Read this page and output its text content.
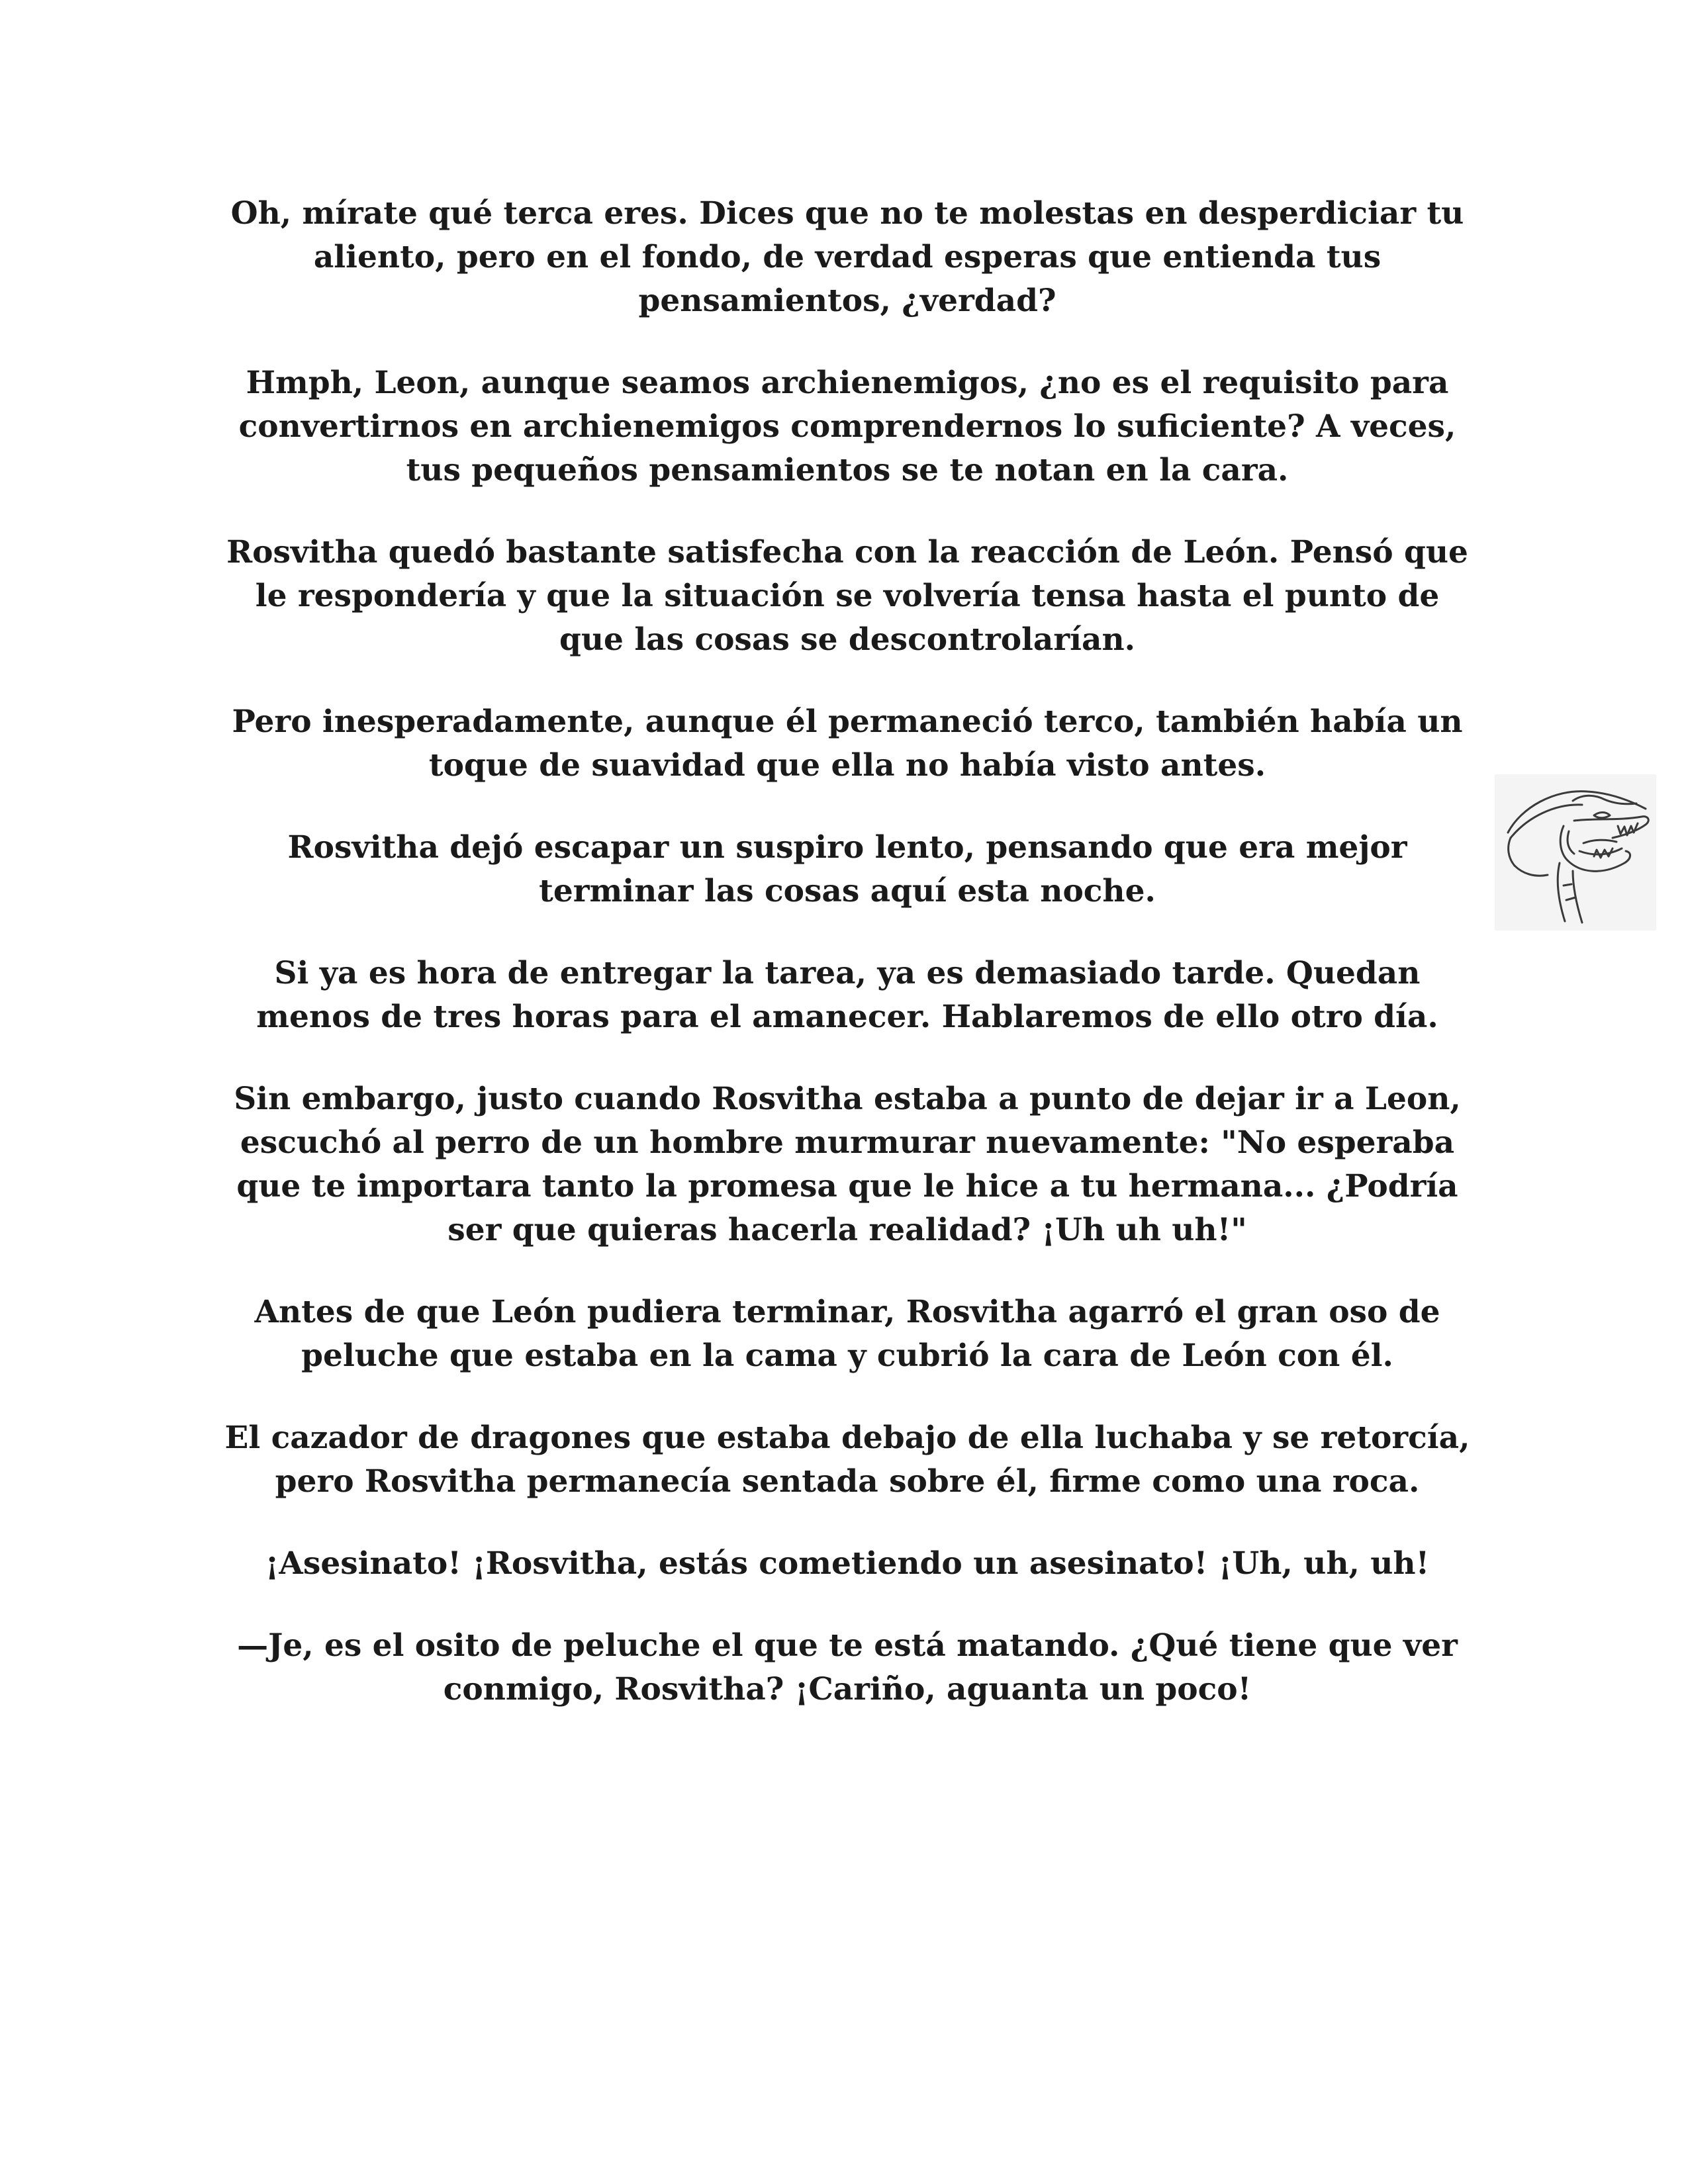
Oh, mírate qué terca eres. Dices que no te molestas en desperdiciar tu aliento, pero en el fondo, de verdad esperas que entienda tus pensamientos, ¿verdad?

Hmph, Leon, aunque seamos archienemigos, ¿no es el requisito para convertirnos en archienemigos comprendernos lo suficiente? A veces, tus pequeños pensamientos se te notan en la cara.

Rosvitha quedó bastante satisfecha con la reacción de León. Pensó que le respondería y que la situación se volvería tensa hasta el punto de que las cosas se descontrolarían.

Pero inesperadamente, aunque él permaneció terco, también había un toque de suavidad que ella no había visto antes.

Rosvitha dejó escapar un suspiro lento, pensando que era mejor terminar las cosas aquí esta noche.

Si ya es hora de entregar la tarea, ya es demasiado tarde. Quedan menos de tres horas para el amanecer. Hablaremos de ello otro día.

Sin embargo, justo cuando Rosvitha estaba a punto de dejar ir a Leon, escuchó al perro de un hombre murmurar nuevamente: "No esperaba que te importara tanto la promesa que le hice a tu hermana... ¿Podría ser que quieras hacerla realidad? ¡Uh uh uh!"

Antes de que León pudiera terminar, Rosvitha agarró el gran oso de peluche que estaba en la cama y cubrió la cara de León con él.

El cazador de dragones que estaba debajo de ella luchaba y se retorcía, pero Rosvitha permanecía sentada sobre él, firme como una roca.

¡Asesinato! ¡Rosvitha, estás cometiendo un asesinato! ¡Uh, uh, uh!

—Je, es el osito de peluche el que te está matando. ¿Qué tiene que ver conmigo, Rosvitha? ¡Cariño, aguanta un poco!
